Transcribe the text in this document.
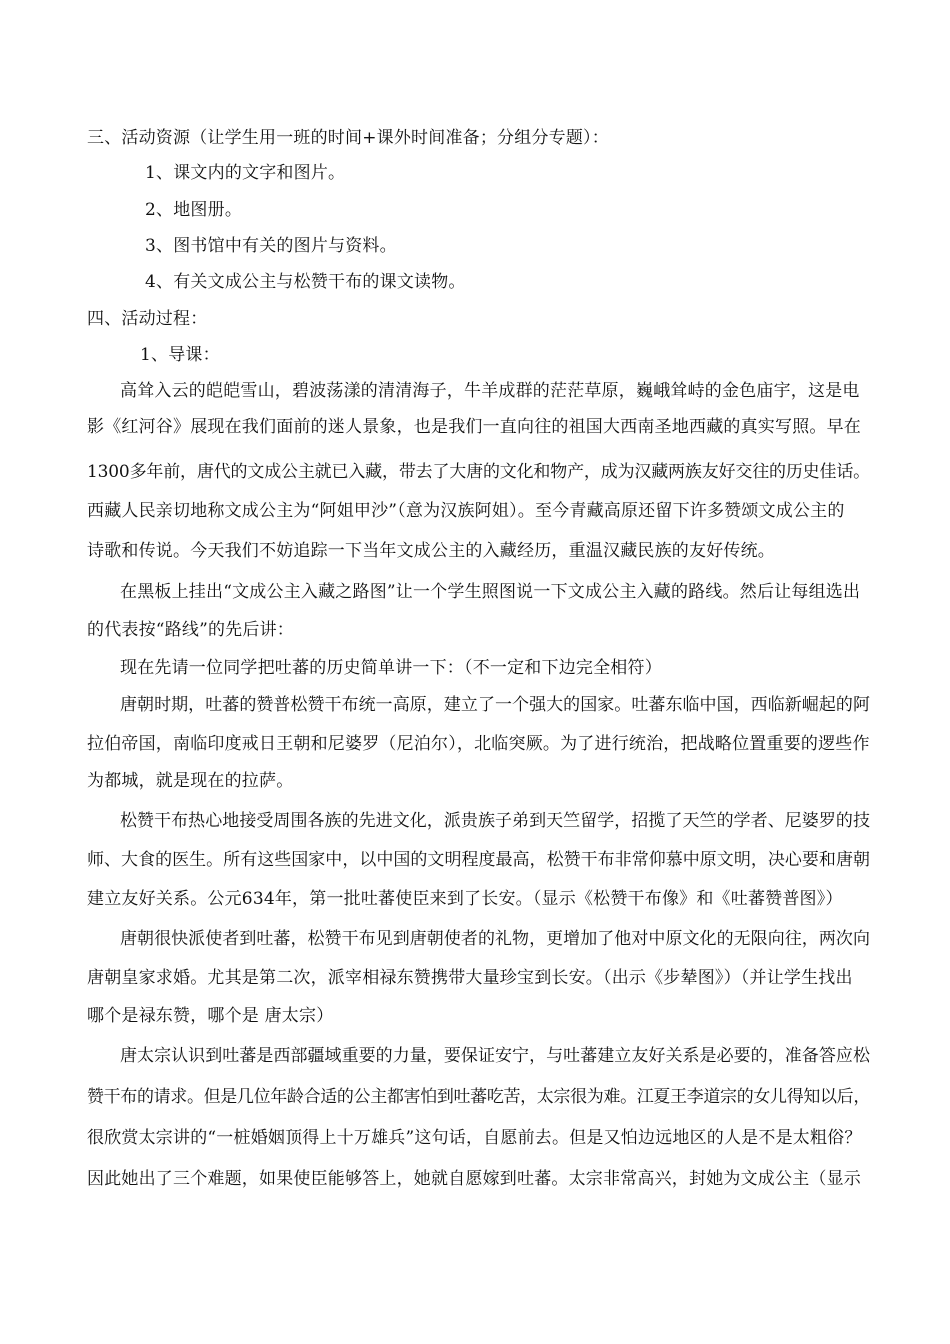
三、活动资源（让学生用一班的时间+课外时间准备；分组分专题）：
1、课文内的文字和图片。
2、地图册。
3、图书馆中有关的图片与资料。
4、有关文成公主与松赞干布的课文读物。
四、活动过程：
1、导课：
高耸入云的皑皑雪山，碧波荡漾的清清海子，牛羊成群的茫茫草原，巍峨耸峙的金色庙宇，这是电
影《红河谷》展现在我们面前的迷人景象，也是我们一直向往的祖国大西南圣地西藏的真实写照。早在
1300多年前，唐代的文成公主就已入藏，带去了大唐的文化和物产，成为汉藏两族友好交往的历史佳话。
西藏人民亲切地称文成公主为“阿姐甲沙”（意为汉族阿姐）。至今青藏高原还留下许多赞颂文成公主的
诗歌和传说。今天我们不妨追踪一下当年文成公主的入藏经历，重温汉藏民族的友好传统。
在黑板上挂出“文成公主入藏之路图”让一个学生照图说一下文成公主入藏的路线。然后让每组选出
的代表按“路线”的先后讲：
现在先请一位同学把吐蕃的历史简单讲一下：（不一定和下边完全相符）
唐朝时期，吐蕃的赞普松赞干布统一高原，建立了一个强大的国家。吐蕃东临中国，西临新崛起的阿
拉伯帝国，南临印度戒日王朝和尼婆罗（尼泊尔），北临突厥。为了进行统治，把战略位置重要的逻些作
为都城，就是现在的拉萨。
松赞干布热心地接受周围各族的先进文化，派贵族子弟到天竺留学，招揽了天竺的学者、尼婆罗的技
师、大食的医生。所有这些国家中，以中国的文明程度最高，松赞干布非常仰慕中原文明，决心要和唐朝
建立友好关系。公元634年，第一批吐蕃使臣来到了长安。（显示《松赞干布像》和《吐蕃赞普图》）
唐朝很快派使者到吐蕃，松赞干布见到唐朝使者的礼物，更增加了他对中原文化的无限向往，两次向
唐朝皇家求婚。尤其是第二次，派宰相禄东赞携带大量珍宝到长安。（出示《步辇图》）（并让学生找出
哪个是禄东赞，哪个是 唐太宗）
唐太宗认识到吐蕃是西部疆域重要的力量，要保证安宁，与吐蕃建立友好关系是必要的，准备答应松
赞干布的请求。但是几位年龄合适的公主都害怕到吐蕃吃苦，太宗很为难。江夏王李道宗的女儿得知以后，
很欣赏太宗讲的“一桩婚姻顶得上十万雄兵”这句话，自愿前去。但是又怕边远地区的人是不是太粗俗？
因此她出了三个难题，如果使臣能够答上，她就自愿嫁到吐蕃。太宗非常高兴，封她为文成公主（显示
